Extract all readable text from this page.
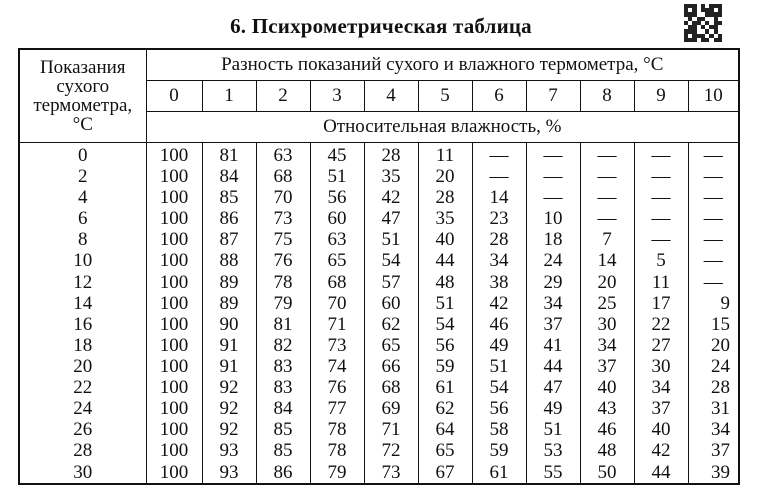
6. Психрометрическая таблица
Показания
сухого
термометра,
°C	Разность показаний сухого и влажного термометра, °C										
	0	1	2	3	4	5	6	7	8	9	10
	Относительная влажность, %										
0	100	81	63	45	28	11	—	—	—	—	—
2	100	84	68	51	35	20	—	—	—	—	—
4	100	85	70	56	42	28	14	—	—	—	—
6	100	86	73	60	47	35	23	10	—	—	—
8	100	87	75	63	51	40	28	18	7	—	—
10	100	88	76	65	54	44	34	24	14	5	—
12	100	89	78	68	57	48	38	29	20	11	—
14	100	89	79	70	60	51	42	34	25	17	9
16	100	90	81	71	62	54	46	37	30	22	15
18	100	91	82	73	65	56	49	41	34	27	20
20	100	91	83	74	66	59	51	44	37	30	24
22	100	92	83	76	68	61	54	47	40	34	28
24	100	92	84	77	69	62	56	49	43	37	31
26	100	92	85	78	71	64	58	51	46	40	34
28	100	93	85	78	72	65	59	53	48	42	37
30	100	93	86	79	73	67	61	55	50	44	39
